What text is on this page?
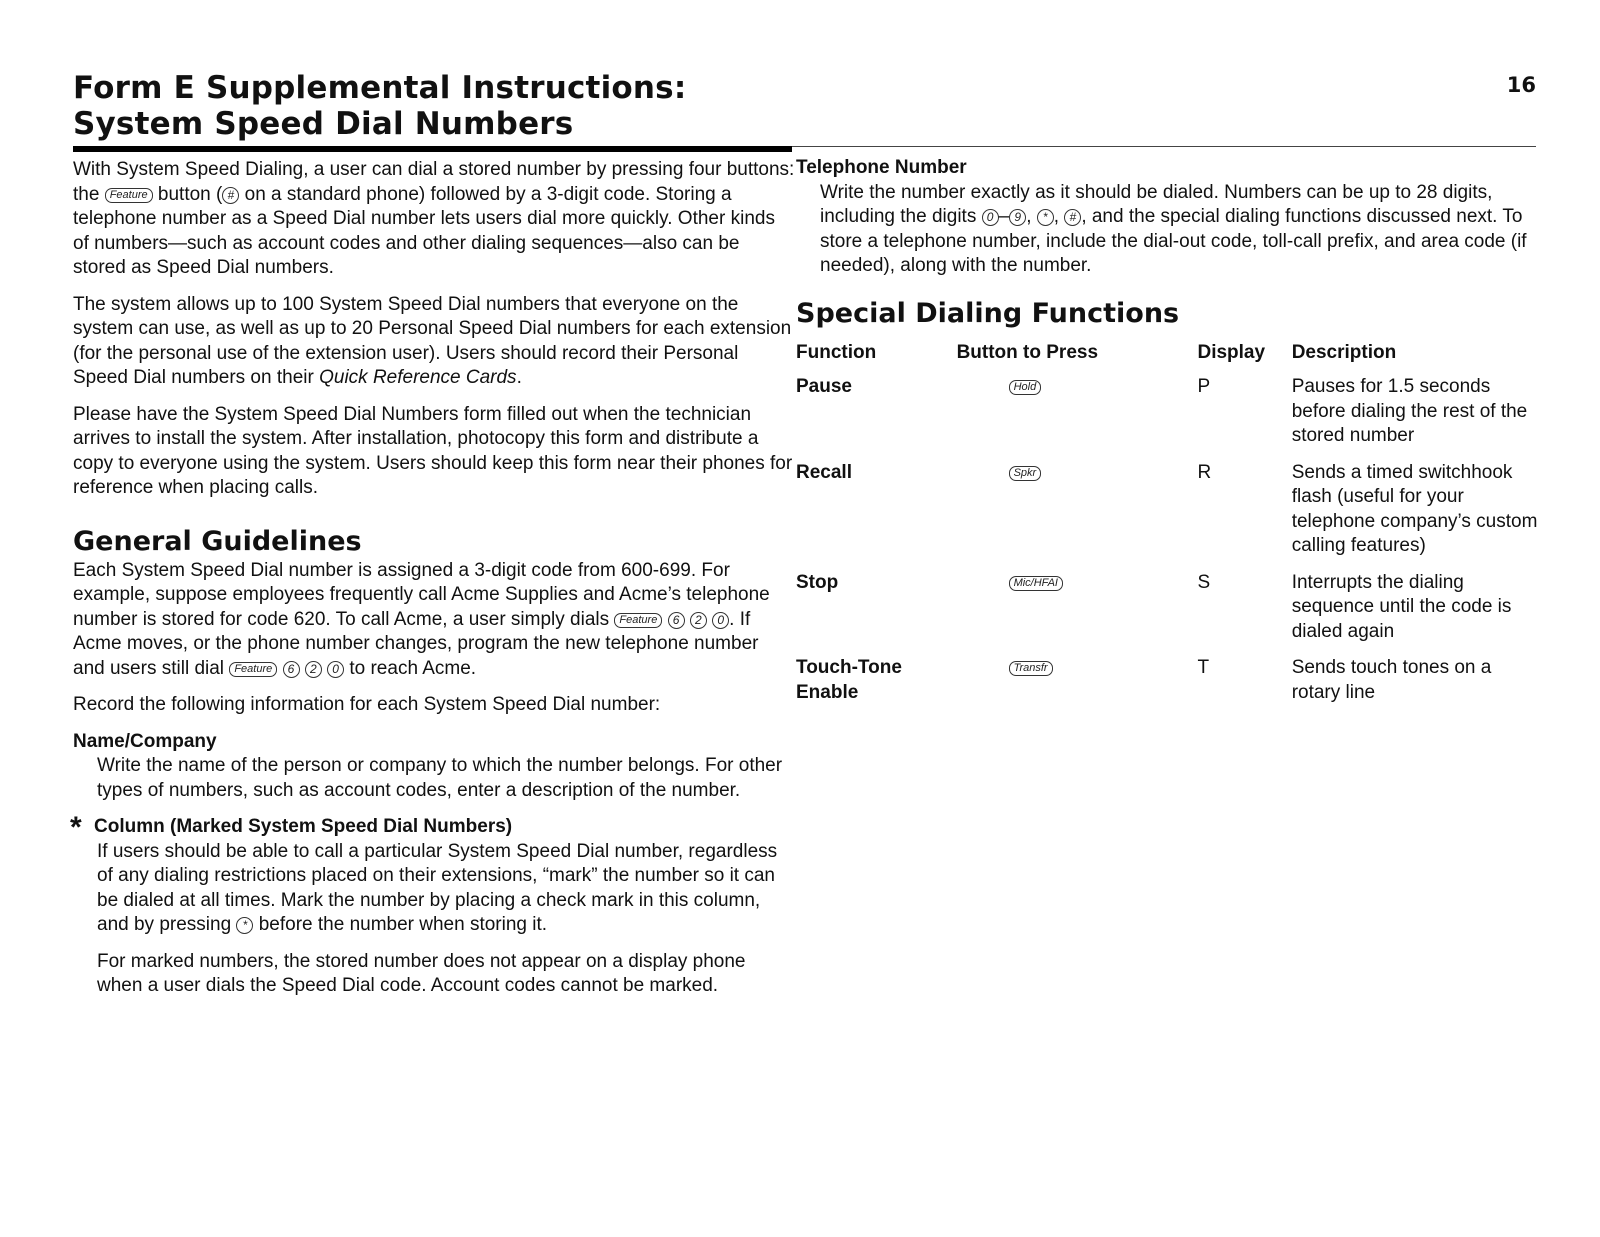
Form E Supplemental Instructions:
System Speed Dial Numbers
16

With System Speed Dialing, a user can dial a stored number by pressing four buttons: the Feature button ( # on a standard phone) followed by a 3-digit code. Storing a telephone number as a Speed Dial number lets users dial more quickly. Other kinds of numbers—such as account codes and other dialing sequences—also can be stored as Speed Dial numbers.

The system allows up to 100 System Speed Dial numbers that everyone on the system can use, as well as up to 20 Personal Speed Dial numbers for each extension (for the personal use of the extension user). Users should record their Personal Speed Dial numbers on their Quick Reference Cards.

Please have the System Speed Dial Numbers form filled out when the technician arrives to install the system. After installation, photocopy this form and distribute a copy to everyone using the system. Users should keep this form near their phones for reference when placing calls.

General Guidelines

Each System Speed Dial number is assigned a 3-digit code from 600-699. For example, suppose employees frequently call Acme Supplies and Acme’s telephone number is stored for code 620. To call Acme, a user simply dials Feature 6 2 0 . If Acme moves, or the phone number changes, program the new telephone number and users still dial Feature 6 2 0 to reach Acme.

Record the following information for each System Speed Dial number:

Name/Company

Write the name of the person or company to which the number belongs. For other types of numbers, such as account codes, enter a description of the number.

* Column (Marked System Speed Dial Numbers)

If users should be able to call a particular System Speed Dial number, regardless of any dialing restrictions placed on their extensions, “mark” the number so it can be dialed at all times. Mark the number by placing a check mark in this column, and by pressing * before the number when storing it.

For marked numbers, the stored number does not appear on a display phone when a user dials the Speed Dial code. Account codes cannot be marked.

Telephone Number

Write the number exactly as it should be dialed. Numbers can be up to 28 digits, including the digits 0 – 9 , * , # , and the special dialing functions discussed next. To store a telephone number, include the dial-out code, toll-call prefix, and area code (if needed), along with the number.

Special Dialing Functions
Function	Button to Press	Display	Description
Pause	Hold	P	Pauses for 1.5 seconds before dialing the rest of the stored number
Recall	Spkr	R	Sends a timed switchhook flash (useful for your telephone company’s custom calling features)
Stop	Mic/HFAI	S	Interrupts the dialing sequence until the code is dialed again
Touch-Tone Enable	Transfr	T	Sends touch tones on a rotary line
